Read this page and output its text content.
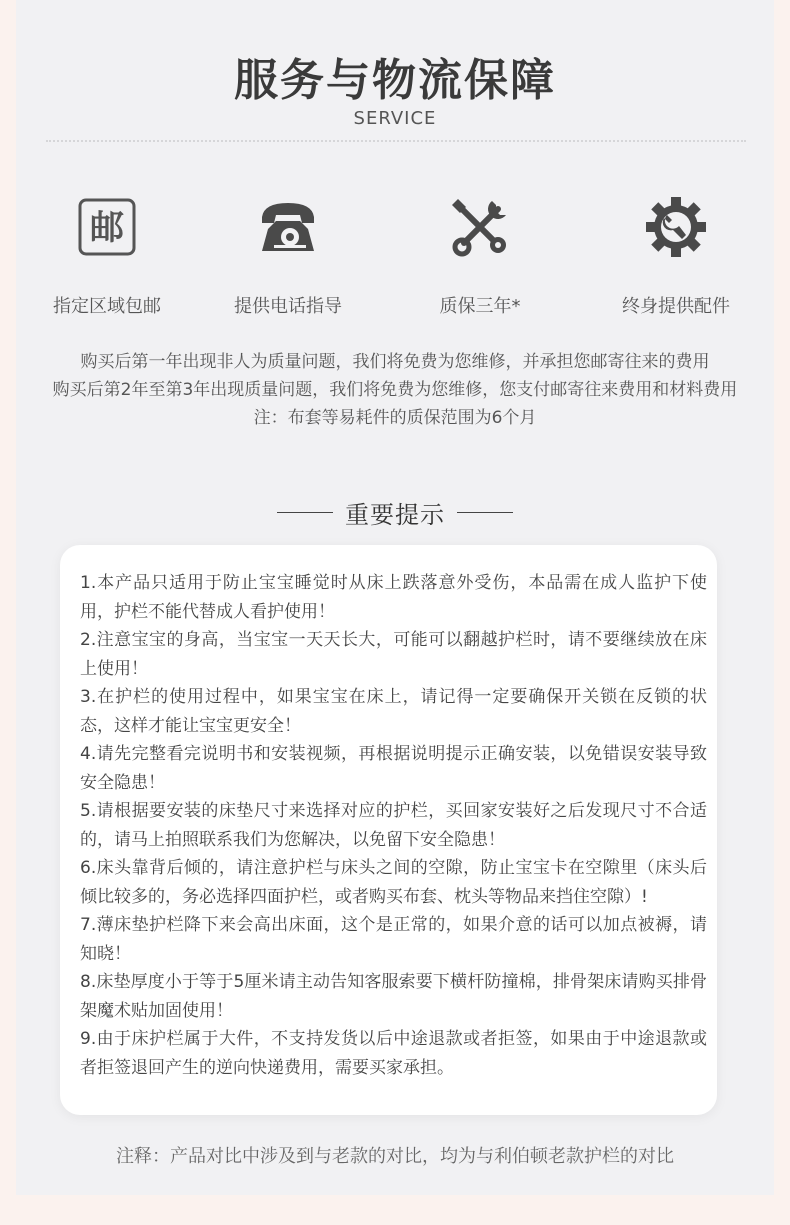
服务与物流保障
SERVICE
邮
指定区域包邮	提供电话指导	质保三年*	终身提供配件
购买后第一年出现非人为质量问题，我们将免费为您维修，并承担您邮寄往来的费用
购买后第2年至第3年出现质量问题，我们将免费为您维修，您支付邮寄往来费用和材料费用
注：布套等易耗件的质保范围为6个月
重要提示
1.本产品只适用于防止宝宝睡觉时从床上跌落意外受伤，本品需在成人监护下使用，护栏不能代替成人看护使用！
2.注意宝宝的身高，当宝宝一天天长大，可能可以翻越护栏时，请不要继续放在床上使用！
3.在护栏的使用过程中，如果宝宝在床上，请记得一定要确保开关锁在反锁的状态，这样才能让宝宝更安全！
4.请先完整看完说明书和安装视频，再根据说明提示正确安装，以免错误安装导致安全隐患！
5.请根据要安装的床垫尺寸来选择对应的护栏，买回家安装好之后发现尺寸不合适的，请马上拍照联系我们为您解决，以免留下安全隐患！
6.床头靠背后倾的，请注意护栏与床头之间的空隙，防止宝宝卡在空隙里（床头后倾比较多的，务必选择四面护栏，或者购买布套、枕头等物品来挡住空隙）!
7.薄床垫护栏降下来会高出床面，这个是正常的，如果介意的话可以加点被褥，请知晓！
8.床垫厚度小于等于5厘米请主动告知客服索要下横杆防撞棉，排骨架床请购买排骨架魔术贴加固使用！
9.由于床护栏属于大件，不支持发货以后中途退款或者拒签，如果由于中途退款或者拒签退回产生的逆向快递费用，需要买家承担。
注释：产品对比中涉及到与老款的对比，均为与利伯顿老款护栏的对比
